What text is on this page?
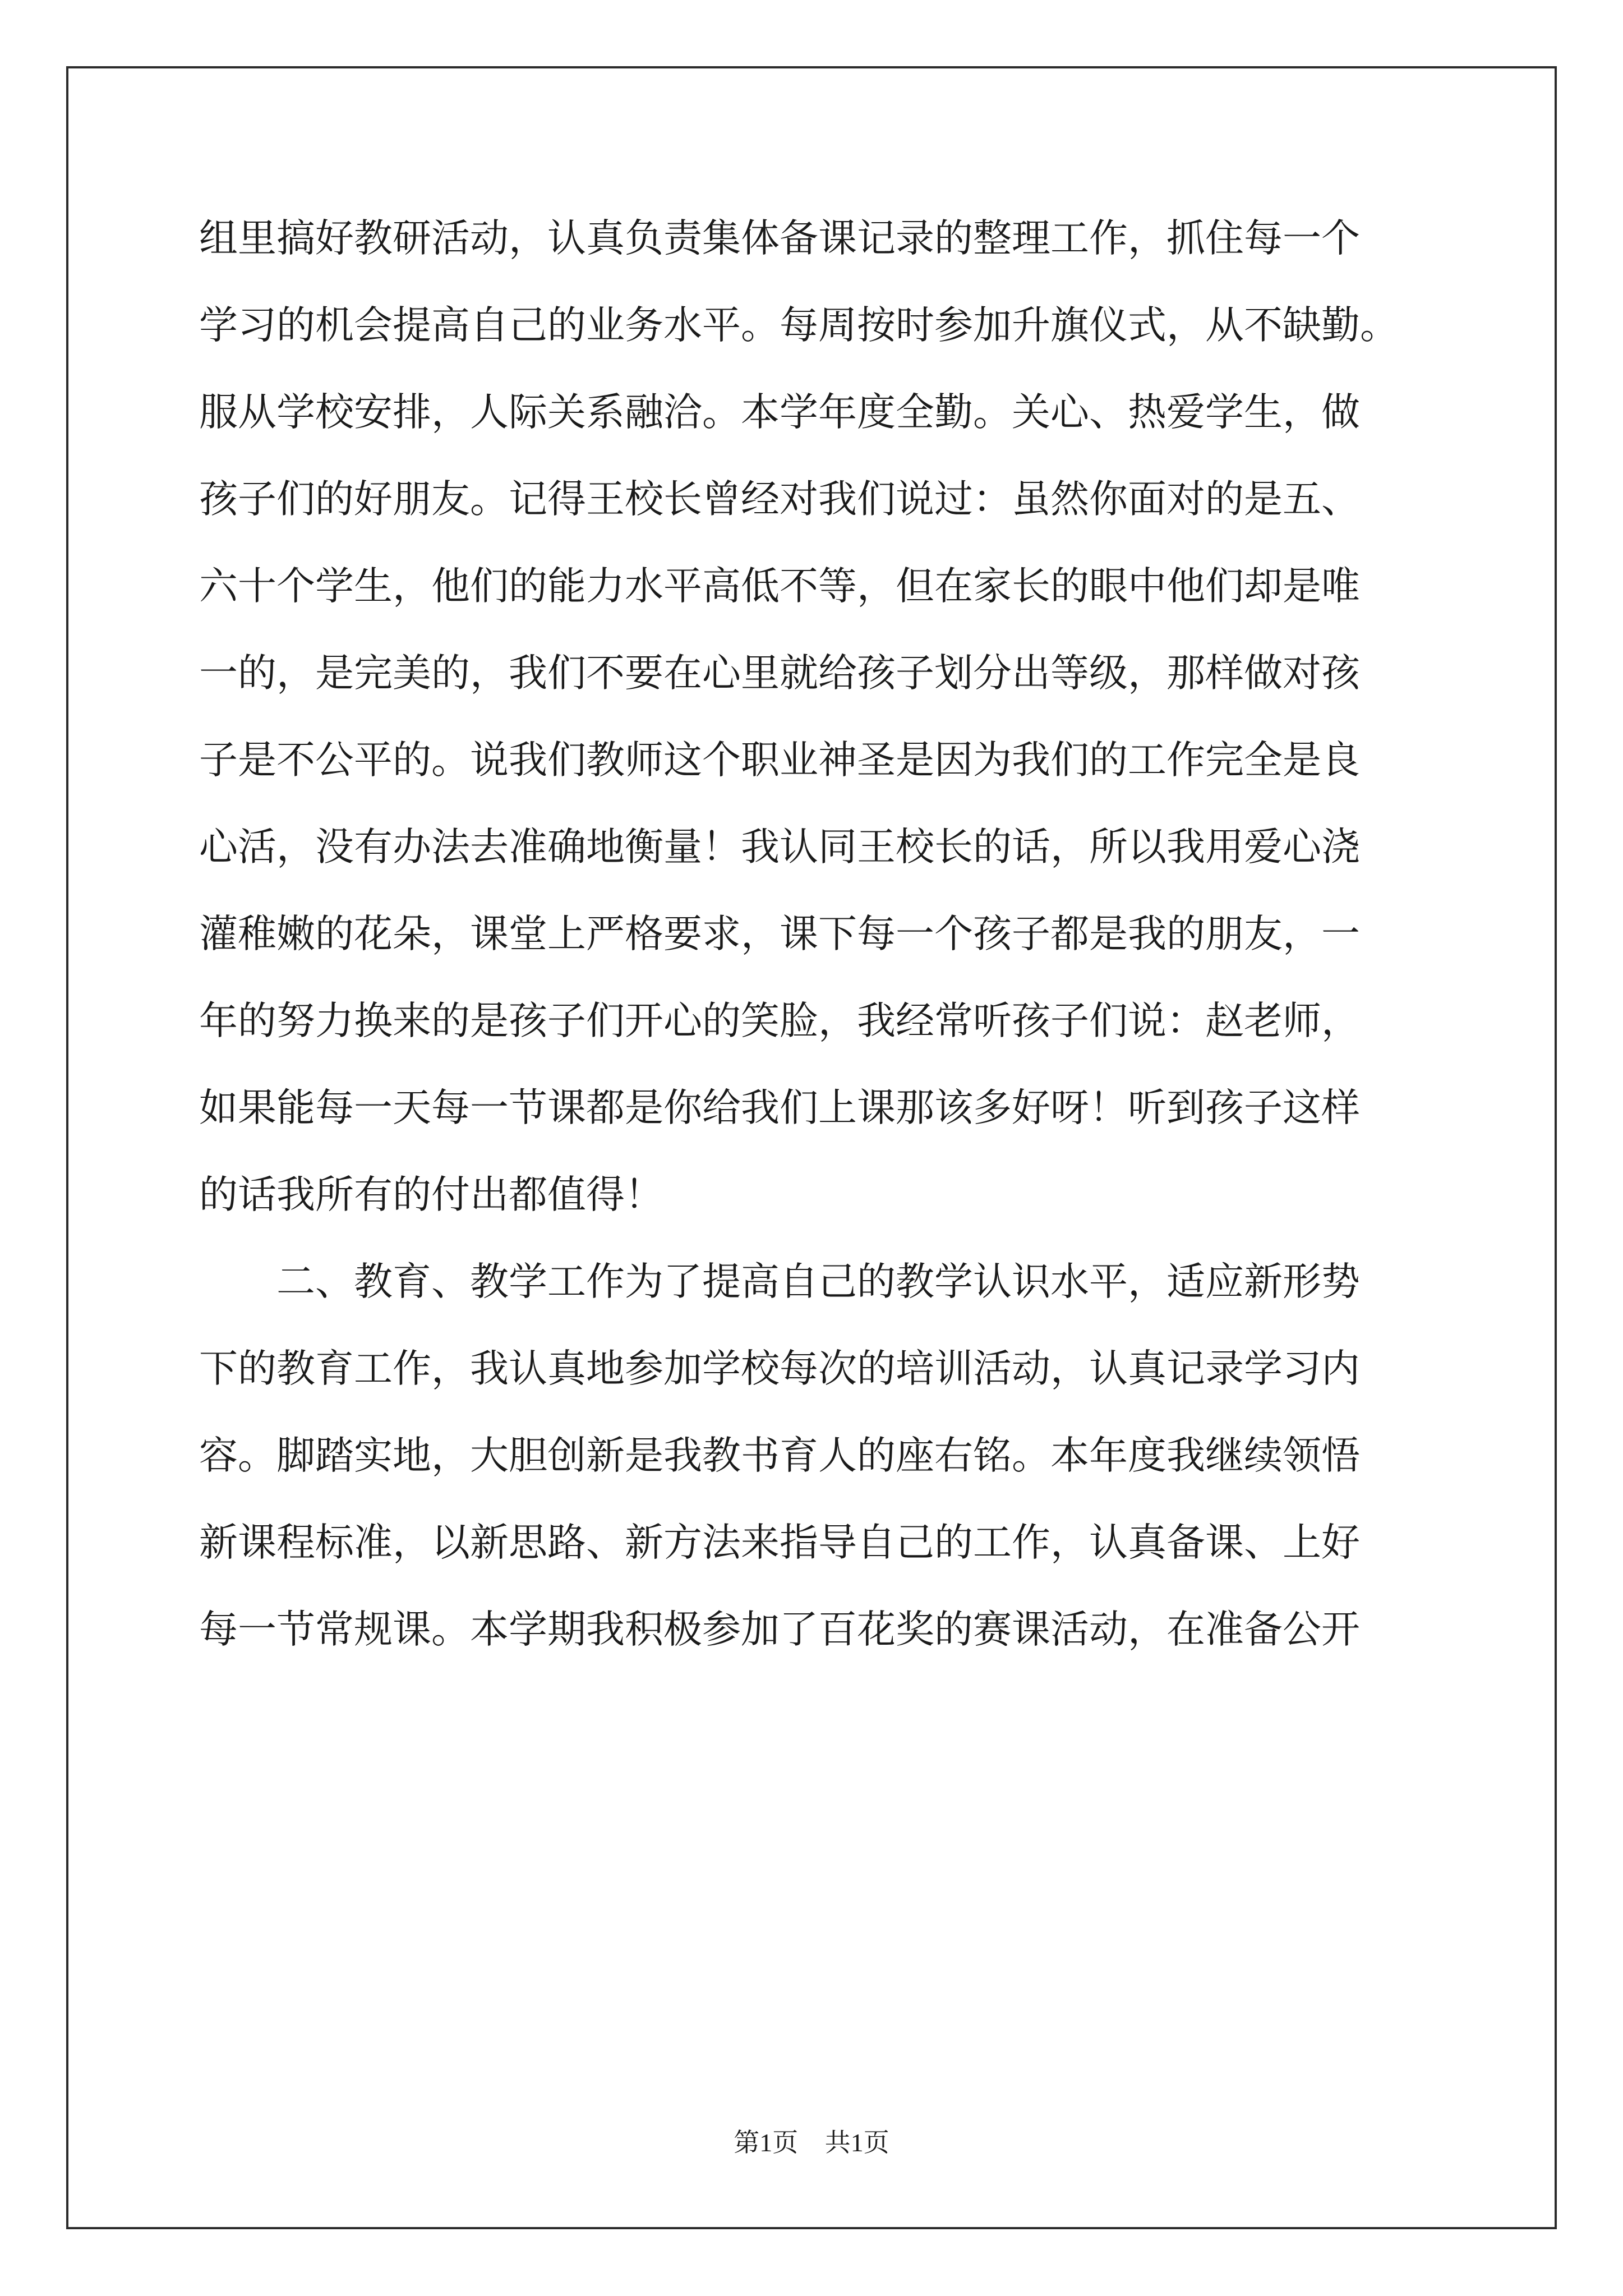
组里搞好教研活动，认真负责集体备课记录的整理工作，抓住每一个
学习的机会提高自己的业务水平。每周按时参加升旗仪式，从不缺勤。
服从学校安排，人际关系融洽。本学年度全勤。关心、热爱学生，做
孩子们的好朋友。记得王校长曾经对我们说过：虽然你面对的是五、
六十个学生，他们的能力水平高低不等，但在家长的眼中他们却是唯
一的，是完美的，我们不要在心里就给孩子划分出等级，那样做对孩
子是不公平的。说我们教师这个职业神圣是因为我们的工作完全是良
心活，没有办法去准确地衡量！我认同王校长的话，所以我用爱心浇
灌稚嫩的花朵，课堂上严格要求，课下每一个孩子都是我的朋友，一
年的努力换来的是孩子们开心的笑脸，我经常听孩子们说：赵老师，
如果能每一天每一节课都是你给我们上课那该多好呀！听到孩子这样
的话我所有的付出都值得！
　　二、教育、教学工作为了提高自己的教学认识水平，适应新形势
下的教育工作，我认真地参加学校每次的培训活动，认真记录学习内
容。脚踏实地，大胆创新是我教书育人的座右铭。本年度我继续领悟
新课程标准，以新思路、新方法来指导自己的工作，认真备课、上好
每一节常规课。本学期我积极参加了百花奖的赛课活动，在准备公开
第1页 共1页
